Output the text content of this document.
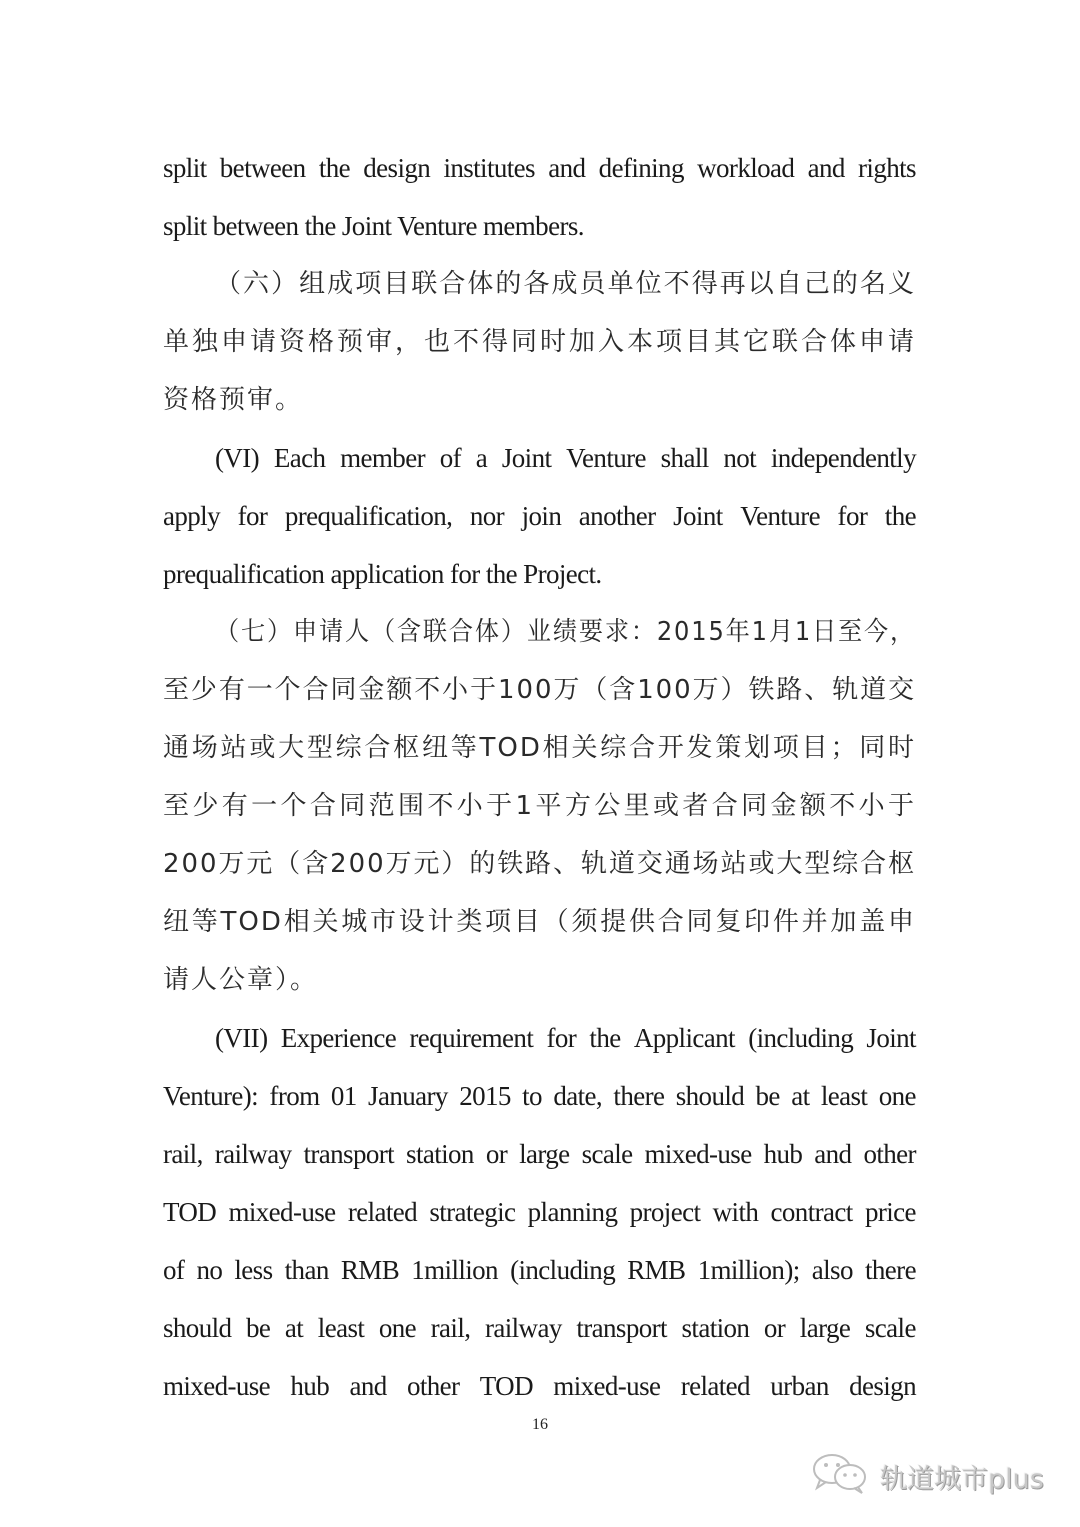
split between the design institutes and defining workload and rights
split between the Joint Venture members.
（六）组成项目联合体的各成员单位不得再以自己的名义
单独申请资格预审，也不得同时加入本项目其它联合体申请
资格预审。
(VI) Each member of a Joint Venture shall not independently
apply for prequalification, nor join another Joint Venture for the
prequalification application for the Project.
（七）申请人（含联合体）业绩要求：2015年1月1日至今，
至少有一个合同金额不小于100万（含100万）铁路、轨道交
通场站或大型综合枢纽等TOD相关综合开发策划项目；同时
至少有一个合同范围不小于1平方公里或者合同金额不小于
200万元（含200万元）的铁路、轨道交通场站或大型综合枢
纽等TOD相关城市设计类项目（须提供合同复印件并加盖申
请人公章）。
(VII) Experience requirement for the Applicant (including Joint
Venture): from 01 January 2015 to date, there should be at least one
rail, railway transport station or large scale mixed-use hub and other
TOD mixed-use related strategic planning project with contract price
of no less than RMB 1million (including RMB 1million); also there
should be at least one rail, railway transport station or large scale
mixed-use hub and other TOD mixed-use related urban design
16
轨道城市plus
